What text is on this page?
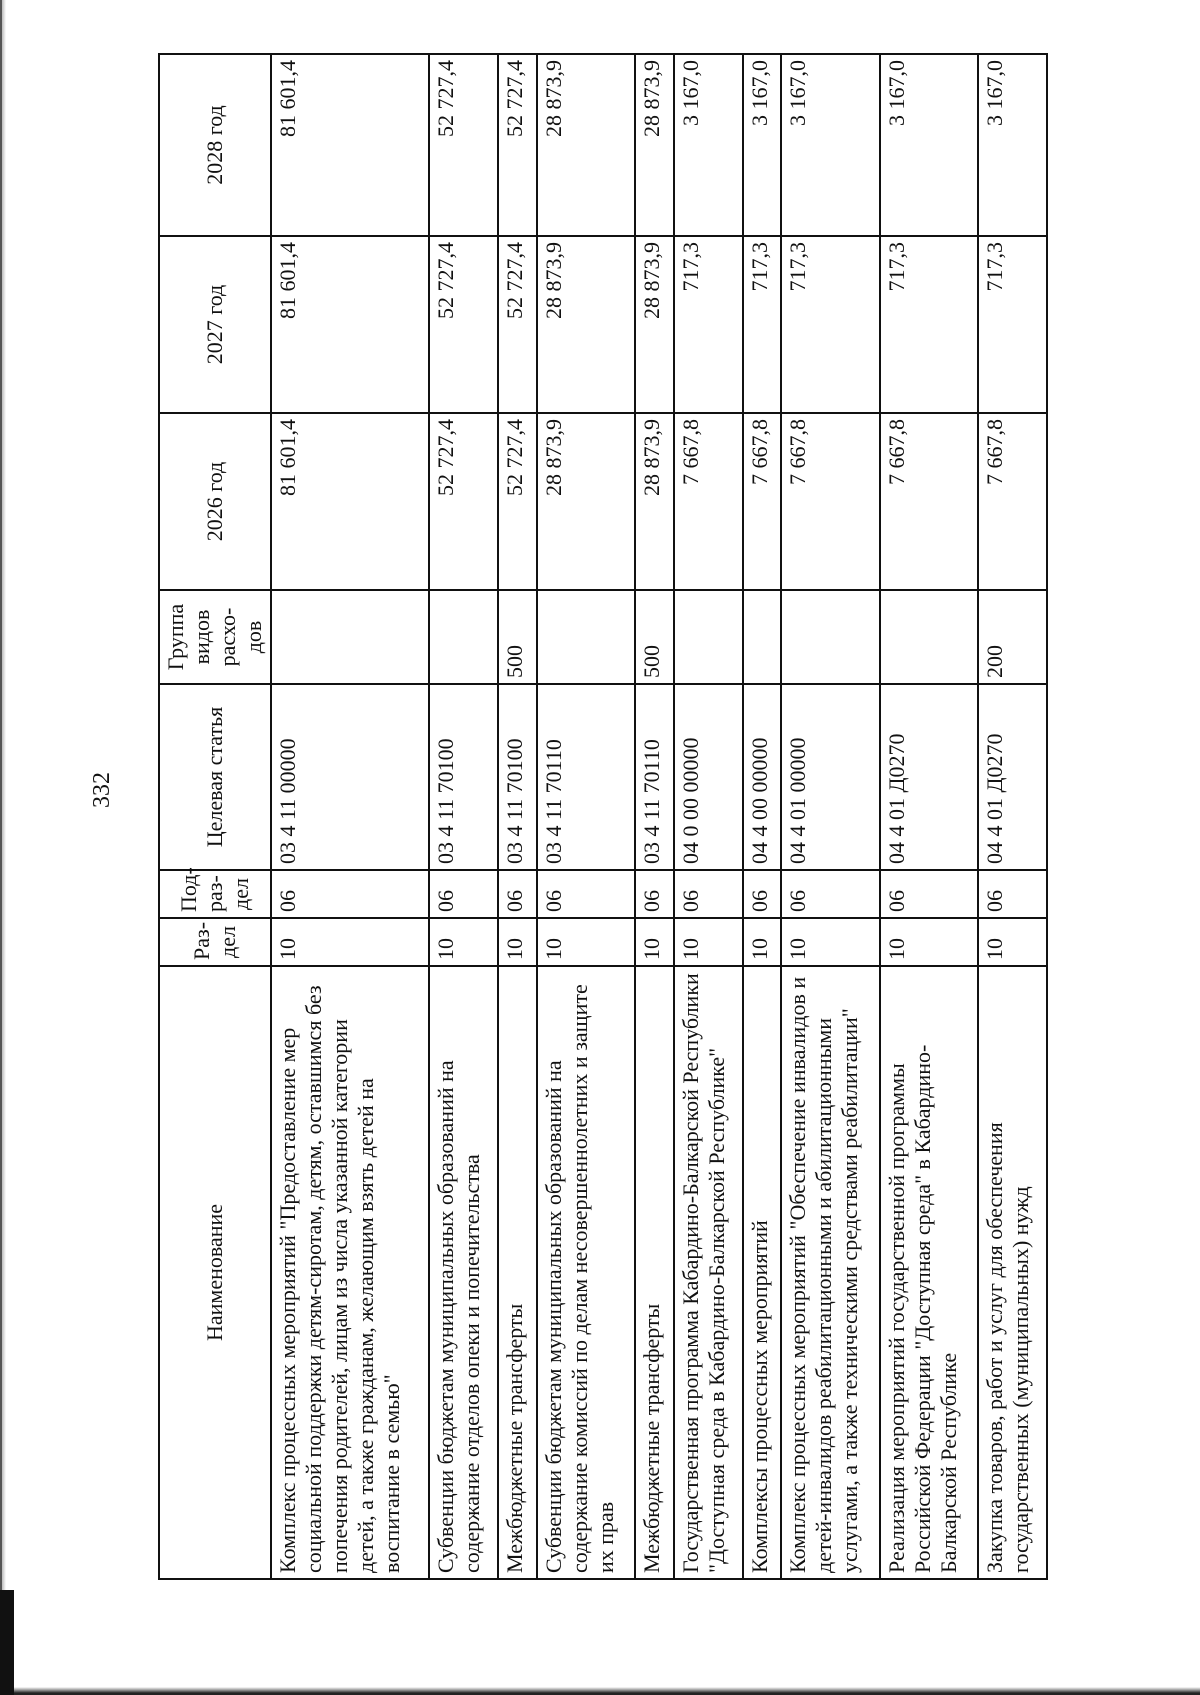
332
Наименование	Раз-дел	Под-раз-дел	Целевая статья	Группа видов расхо-дов	2026 год	2027 год	2028 год
Комплекс процессных мероприятий "Предоставление мер социальной поддержки детям-сиротам, детям, оставшимся без попечения родителей, лицам из числа указанной категории детей, а также гражданам, желающим взять детей на воспитание в семью"	10	06	03 4 11 00000		81 601,4	81 601,4	81 601,4
Субвенции бюджетам муниципальных образований на содержание отделов опеки и попечительства	10	06	03 4 11 70100		52 727,4	52 727,4	52 727,4
Межбюджетные трансферты	10	06	03 4 11 70100	500	52 727,4	52 727,4	52 727,4
Субвенции бюджетам муниципальных образований на содержание комиссий по делам несовершеннолетних и защите их прав	10	06	03 4 11 70110		28 873,9	28 873,9	28 873,9
Межбюджетные трансферты	10	06	03 4 11 70110	500	28 873,9	28 873,9	28 873,9
Государственная программа Кабардино-Балкарской Республики "Доступная среда в Кабардино-Балкарской Республике"	10	06	04 0 00 00000		7 667,8	717,3	3 167,0
Комплексы процессных мероприятий	10	06	04 4 00 00000		7 667,8	717,3	3 167,0
Комплекс процессных мероприятий "Обеспечение инвалидов и детей-инвалидов реабилитационными и абилитационными услугами, а также техническими средствами реабилитации"	10	06	04 4 01 00000		7 667,8	717,3	3 167,0
Реализация мероприятий государственной программы Российской Федерации "Доступная среда" в Кабардино-Балкарской Республике	10	06	04 4 01 Д0270		7 667,8	717,3	3 167,0
Закупка товаров, работ и услуг для обеспечения государственных (муниципальных) нужд	10	06	04 4 01 Д0270	200	7 667,8	717,3	3 167,0
